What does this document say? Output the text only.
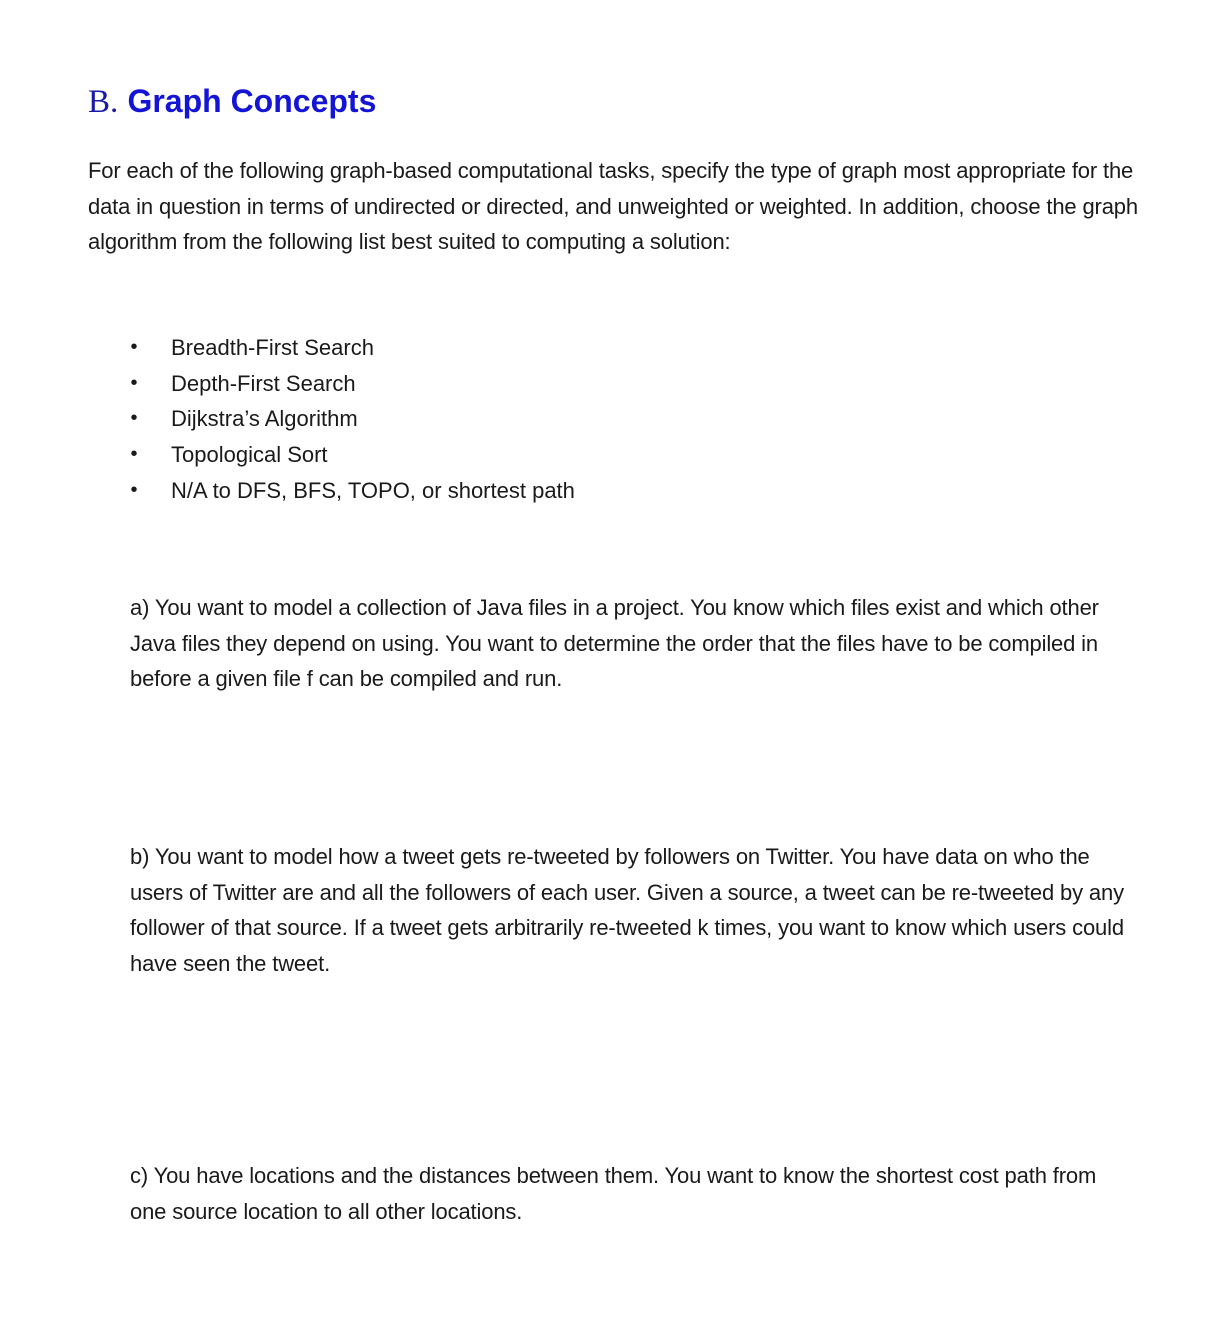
B. Graph Concepts

For each of the following graph-based computational tasks, specify the type of graph most appropriate for the data in question in terms of undirected or directed, and unweighted or weighted. In addition, choose the graph algorithm from the following list best suited to computing a solution:

• Breadth-First Search
• Depth-First Search
• Dijkstra’s Algorithm
• Topological Sort
• N/A to DFS, BFS, TOPO, or shortest path

a) You want to model a collection of Java files in a project. You know which files exist and which other Java files they depend on using. You want to determine the order that the files have to be compiled in before a given file f can be compiled and run.

b) You want to model how a tweet gets re-tweeted by followers on Twitter. You have data on who the users of Twitter are and all the followers of each user. Given a source, a tweet can be re-tweeted by any follower of that source. If a tweet gets arbitrarily re-tweeted k times, you want to know which users could have seen the tweet.

c) You have locations and the distances between them. You want to know the shortest cost path from one source location to all other locations.
